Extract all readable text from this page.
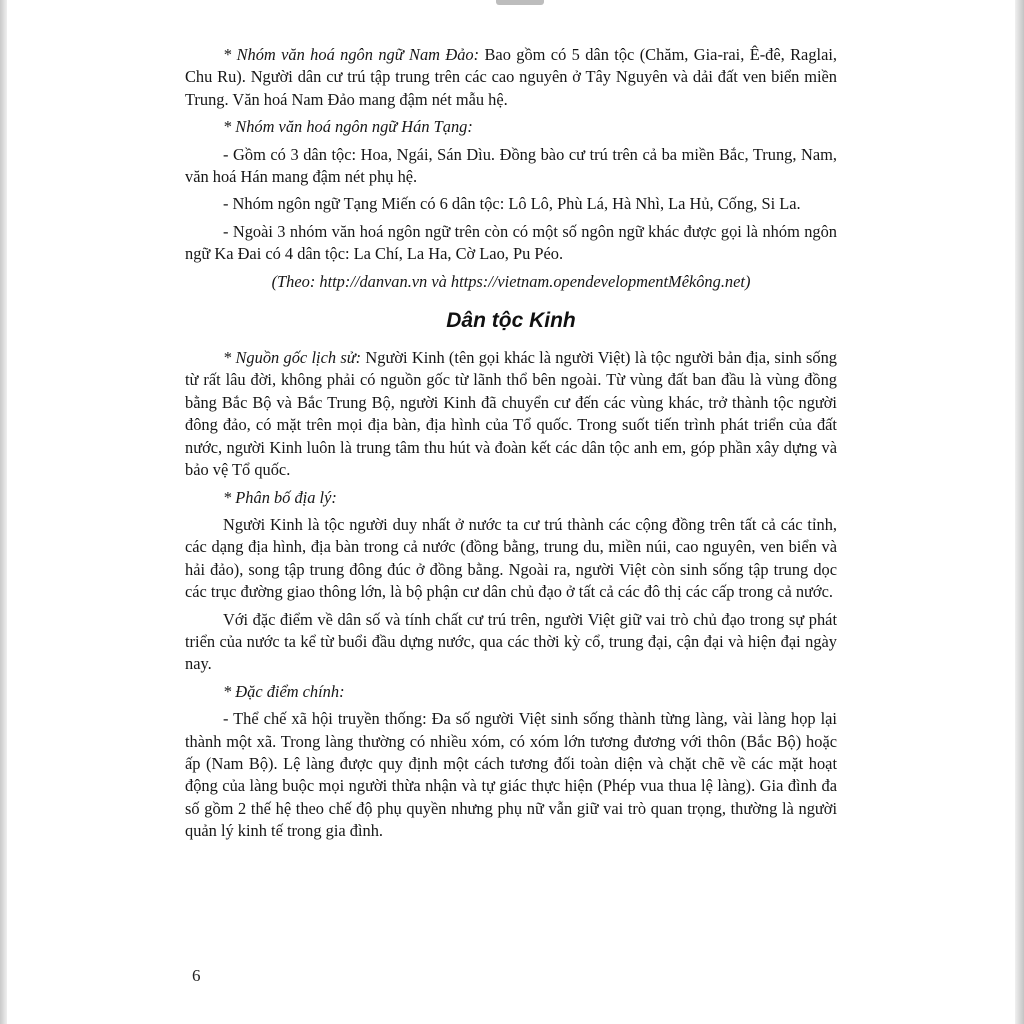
* Nhóm văn hoá ngôn ngữ Nam Đảo: Bao gồm có 5 dân tộc (Chăm, Gia-rai, Ê-đê, Raglai, Chu Ru). Người dân cư trú tập trung trên các cao nguyên ở Tây Nguyên và dải đất ven biển miền Trung. Văn hoá Nam Đảo mang đậm nét mẫu hệ.

* Nhóm văn hoá ngôn ngữ Hán Tạng:

- Gồm có 3 dân tộc: Hoa, Ngái, Sán Dìu. Đồng bào cư trú trên cả ba miền Bắc, Trung, Nam, văn hoá Hán mang đậm nét phụ hệ.

- Nhóm ngôn ngữ Tạng Miến có 6 dân tộc: Lô Lô, Phù Lá, Hà Nhì, La Hủ, Cống, Si La.

- Ngoài 3 nhóm văn hoá ngôn ngữ trên còn có một số ngôn ngữ khác được gọi là nhóm ngôn ngữ Ka Đai có 4 dân tộc: La Chí, La Ha, Cờ Lao, Pu Péo.

(Theo: http://danvan.vn và https://vietnam.opendevelopmentMêkông.net)

Dân tộc Kinh

* Nguồn gốc lịch sử: Người Kinh (tên gọi khác là người Việt) là tộc người bản địa, sinh sống từ rất lâu đời, không phải có nguồn gốc từ lãnh thổ bên ngoài. Từ vùng đất ban đầu là vùng đồng bằng Bắc Bộ và Bắc Trung Bộ, người Kinh đã chuyển cư đến các vùng khác, trở thành tộc người đông đảo, có mặt trên mọi địa bàn, địa hình của Tổ quốc. Trong suốt tiến trình phát triển của đất nước, người Kinh luôn là trung tâm thu hút và đoàn kết các dân tộc anh em, góp phần xây dựng và bảo vệ Tổ quốc.

* Phân bố địa lý:

Người Kinh là tộc người duy nhất ở nước ta cư trú thành các cộng đồng trên tất cả các tỉnh, các dạng địa hình, địa bàn trong cả nước (đồng bằng, trung du, miền núi, cao nguyên, ven biển và hải đảo), song tập trung đông đúc ở đồng bằng. Ngoài ra, người Việt còn sinh sống tập trung dọc các trục đường giao thông lớn, là bộ phận cư dân chủ đạo ở tất cả các đô thị các cấp trong cả nước.

Với đặc điểm về dân số và tính chất cư trú trên, người Việt giữ vai trò chủ đạo trong sự phát triển của nước ta kể từ buổi đầu dựng nước, qua các thời kỳ cổ, trung đại, cận đại và hiện đại ngày nay.

* Đặc điểm chính:

- Thể chế xã hội truyền thống: Đa số người Việt sinh sống thành từng làng, vài làng họp lại thành một xã. Trong làng thường có nhiều xóm, có xóm lớn tương đương với thôn (Bắc Bộ) hoặc ấp (Nam Bộ). Lệ làng được quy định một cách tương đối toàn diện và chặt chẽ về các mặt hoạt động của làng buộc mọi người thừa nhận và tự giác thực hiện (Phép vua thua lệ làng). Gia đình đa số gồm 2 thế hệ theo chế độ phụ quyền nhưng phụ nữ vẫn giữ vai trò quan trọng, thường là người quản lý kinh tế trong gia đình.

6
